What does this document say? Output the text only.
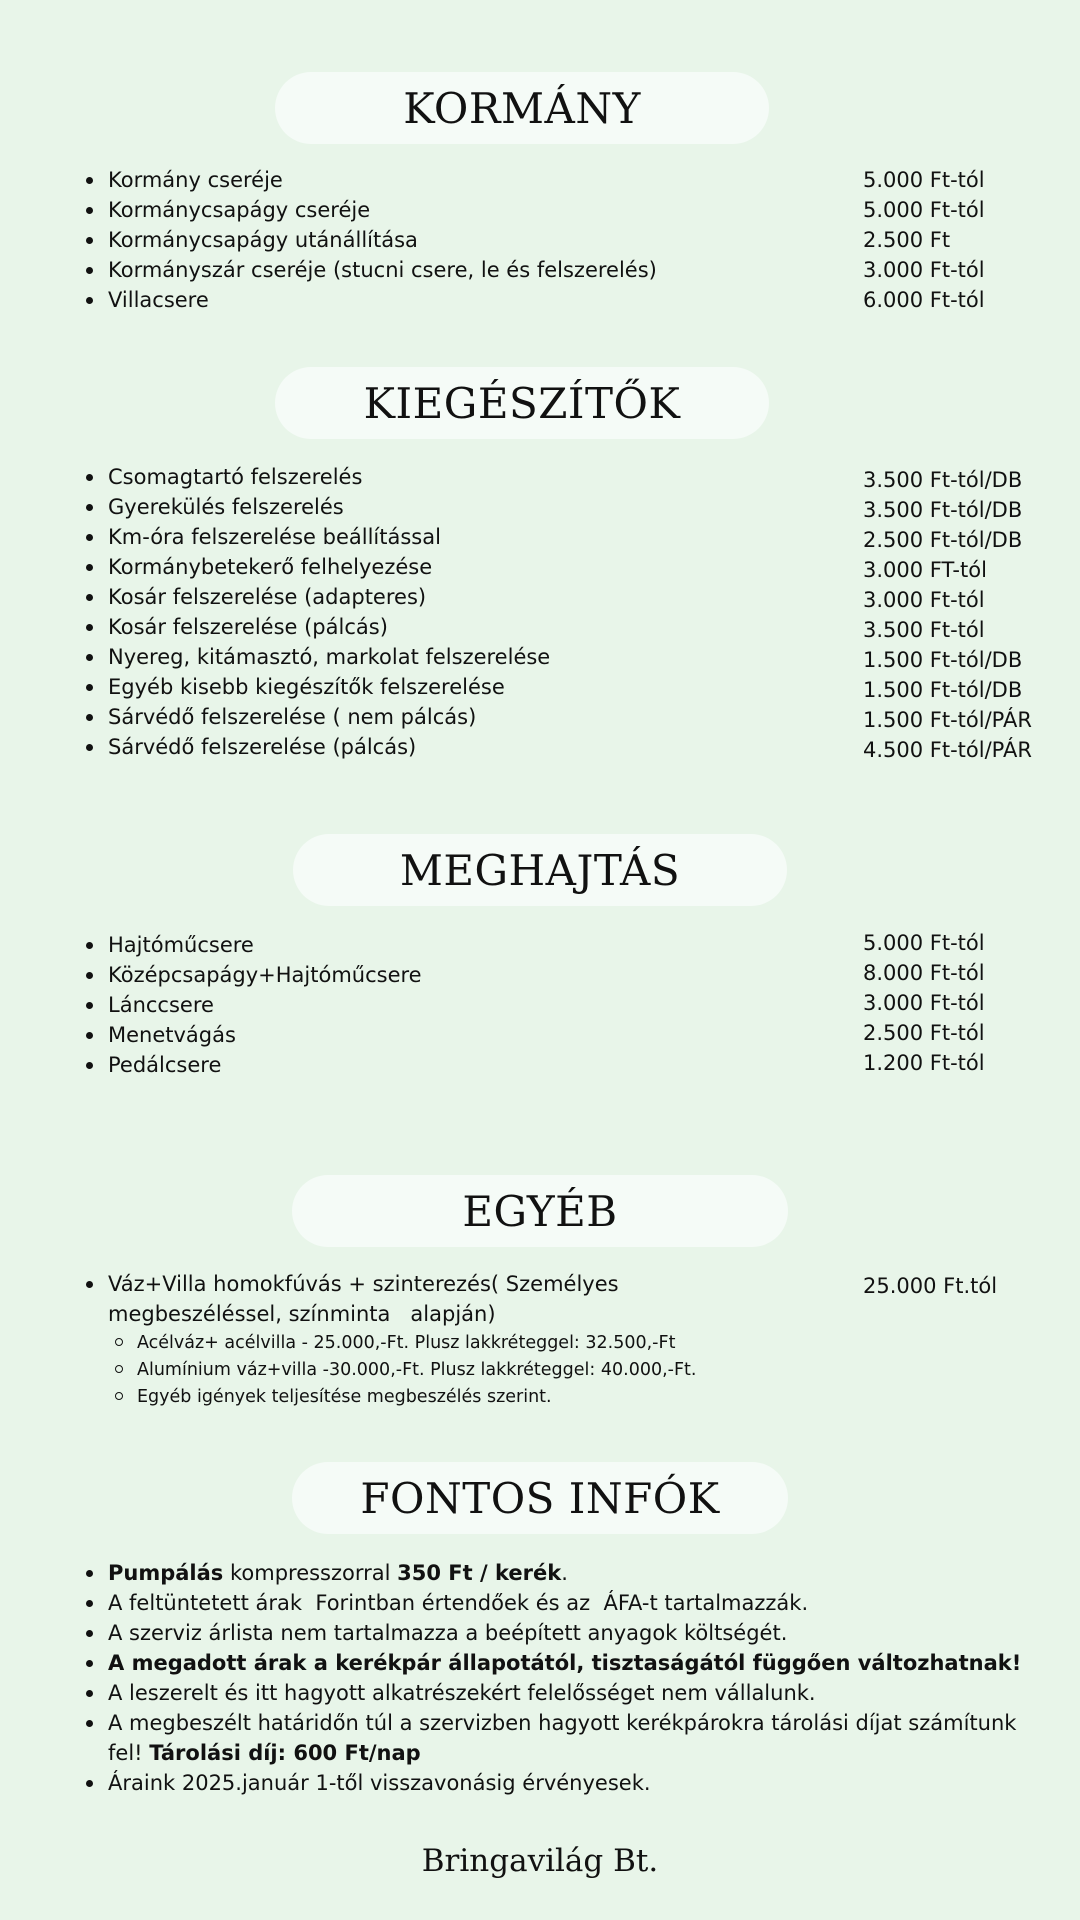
KORMÁNY
Kormány cseréje	5.000 Ft-tól
Kormánycsapágy cseréje	5.000 Ft-tól
Kormánycsapágy utánállítása	2.500 Ft
Kormányszár cseréje (stucni csere, le és felszerelés)	3.000 Ft-tól
Villacsere	6.000 Ft-tól
KIEGÉSZÍTŐK
Csomagtartó felszerelés	3.500 Ft-tól/DB
Gyerekülés felszerelés	3.500 Ft-tól/DB
Km-óra felszerelése beállítással	2.500 Ft-tól/DB
Kormánybetekerő felhelyezése	3.000 FT-tól
Kosár felszerelése (adapteres)	3.000 Ft-tól
Kosár felszerelése (pálcás)	3.500 Ft-tól
Nyereg, kitámasztó, markolat felszerelése	1.500 Ft-tól/DB
Egyéb kisebb kiegészítők felszerelése	1.500 Ft-tól/DB
Sárvédő felszerelése ( nem pálcás)	1.500 Ft-tól/PÁR
Sárvédő felszerelése (pálcás)	4.500 Ft-tól/PÁR
MEGHAJTÁS
Hajtóműcsere	5.000 Ft-tól
Középcsapágy+Hajtóműcsere	8.000 Ft-tól
Lánccsere	3.000 Ft-tól
Menetvágás	2.500 Ft-tól
Pedálcsere	1.200 Ft-tól
EGYÉB
Váz+Villa homokfúvás + szinterezés( Személyes
megbeszéléssel, színminta   alapján)
25.000 Ft.tól
Acélváz+ acélvilla - 25.000,-Ft. Plusz lakkréteggel: 32.500,-Ft
Alumínium váz+villa -30.000,-Ft. Plusz lakkréteggel: 40.000,-Ft.
Egyéb igények teljesítése megbeszélés szerint.
FONTOS INFÓK
Pumpálás kompresszorral 350 Ft / kerék.
A feltüntetett árak  Forintban értendőek és az  ÁFA-t tartalmazzák.
A szerviz árlista nem tartalmazza a beépített anyagok költségét.
A megadott árak a kerékpár állapotától, tisztaságától függően változhatnak!
A leszerelt és itt hagyott alkatrészekért felelősséget nem vállalunk.
A megbeszélt határidőn túl a szervizben hagyott kerékpárokra tárolási díjat számítunk
fel! Tárolási díj: 600 Ft/nap
Áraink 2025.január 1-től visszavonásig érvényesek.
Bringavilág Bt.
